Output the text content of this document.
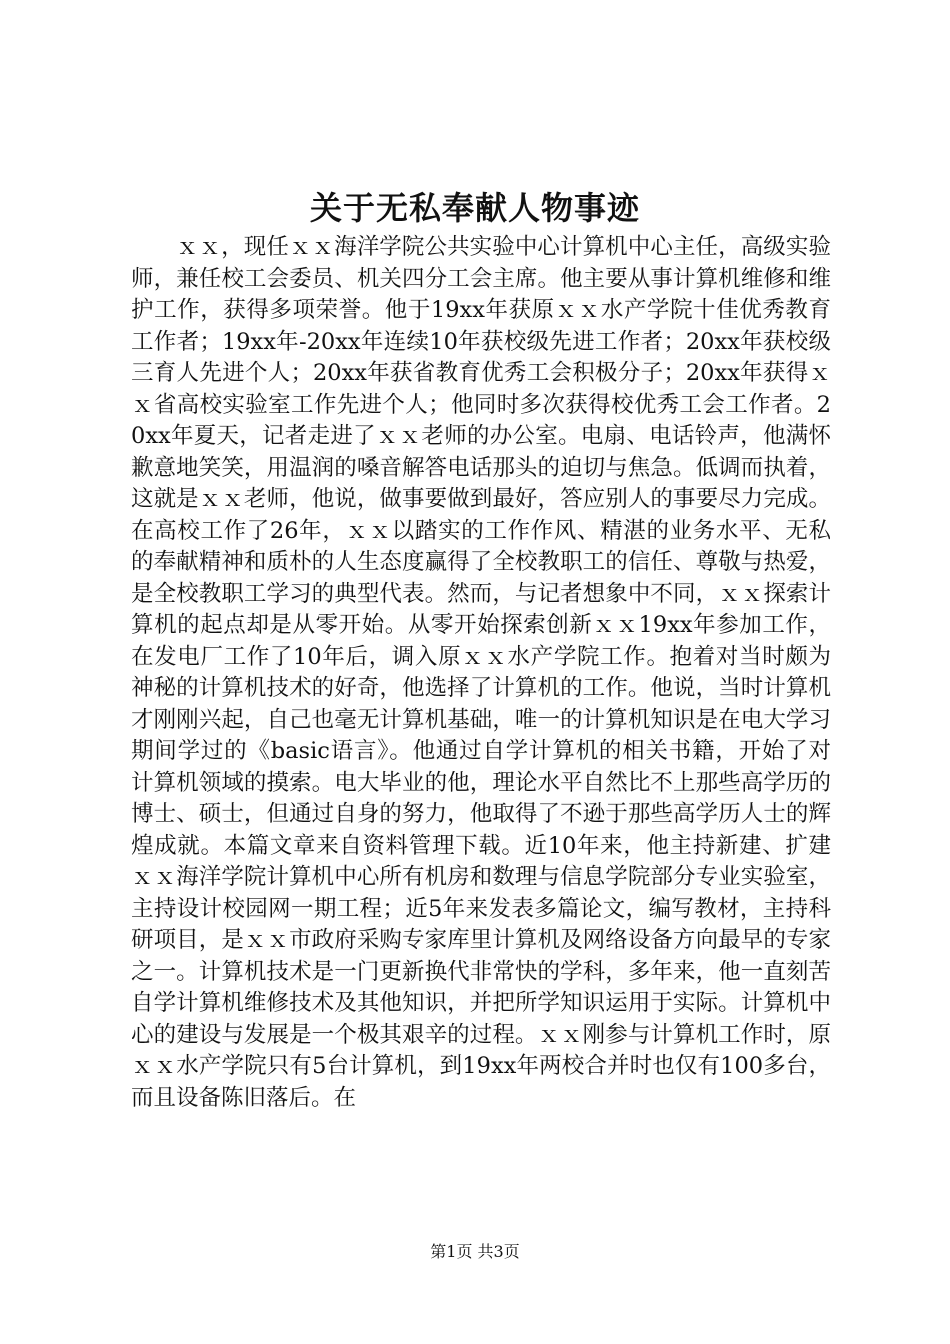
关于无私奉献人物事迹

ｘｘ，现任ｘｘ海洋学院公共实验中心计算机中心主任，高级实验师，兼任校工会委员、机关四分工会主席。他主要从事计算机维修和维护工作，获得多项荣誉。他于19xx年获原ｘｘ水产学院十佳优秀教育工作者；19xx年-20xx年连续10年获校级先进工作者；20xx年获校级三育人先进个人；20xx年获省教育优秀工会积极分子；20xx年获得ｘｘ省高校实验室工作先进个人；他同时多次获得校优秀工会工作者。20xx年夏天，记者走进了ｘｘ老师的办公室。电扇、电话铃声，他满怀歉意地笑笑，用温润的嗓音解答电话那头的迫切与焦急。低调而执着，这就是ｘｘ老师，他说，做事要做到最好，答应别人的事要尽力完成。在高校工作了26年，ｘｘ以踏实的工作作风、精湛的业务水平、无私的奉献精神和质朴的人生态度赢得了全校教职工的信任、尊敬与热爱，是全校教职工学习的典型代表。然而，与记者想象中不同，ｘｘ探索计算机的起点却是从零开始。从零开始探索创新ｘｘ19xx年参加工作，在发电厂工作了10年后，调入原ｘｘ水产学院工作。抱着对当时颇为神秘的计算机技术的好奇，他选择了计算机的工作。他说，当时计算机才刚刚兴起，自己也毫无计算机基础，唯一的计算机知识是在电大学习期间学过的《basic语言》。他通过自学计算机的相关书籍，开始了对计算机领域的摸索。电大毕业的他，理论水平自然比不上那些高学历的博士、硕士，但通过自身的努力，他取得了不逊于那些高学历人士的辉煌成就。本篇文章来自资料管理下载。近10年来，他主持新建、扩建ｘｘ海洋学院计算机中心所有机房和数理与信息学院部分专业实验室，主持设计校园网一期工程；近5年来发表多篇论文，编写教材，主持科研项目，是ｘｘ市政府采购专家库里计算机及网络设备方向最早的专家之一。计算机技术是一门更新换代非常快的学科，多年来，他一直刻苦自学计算机维修技术及其他知识，并把所学知识运用于实际。计算机中心的建设与发展是一个极其艰辛的过程。ｘｘ刚参与计算机工作时，原ｘｘ水产学院只有5台计算机，到19xx年两校合并时也仅有100多台，而且设备陈旧落后。在

第1页 共3页
